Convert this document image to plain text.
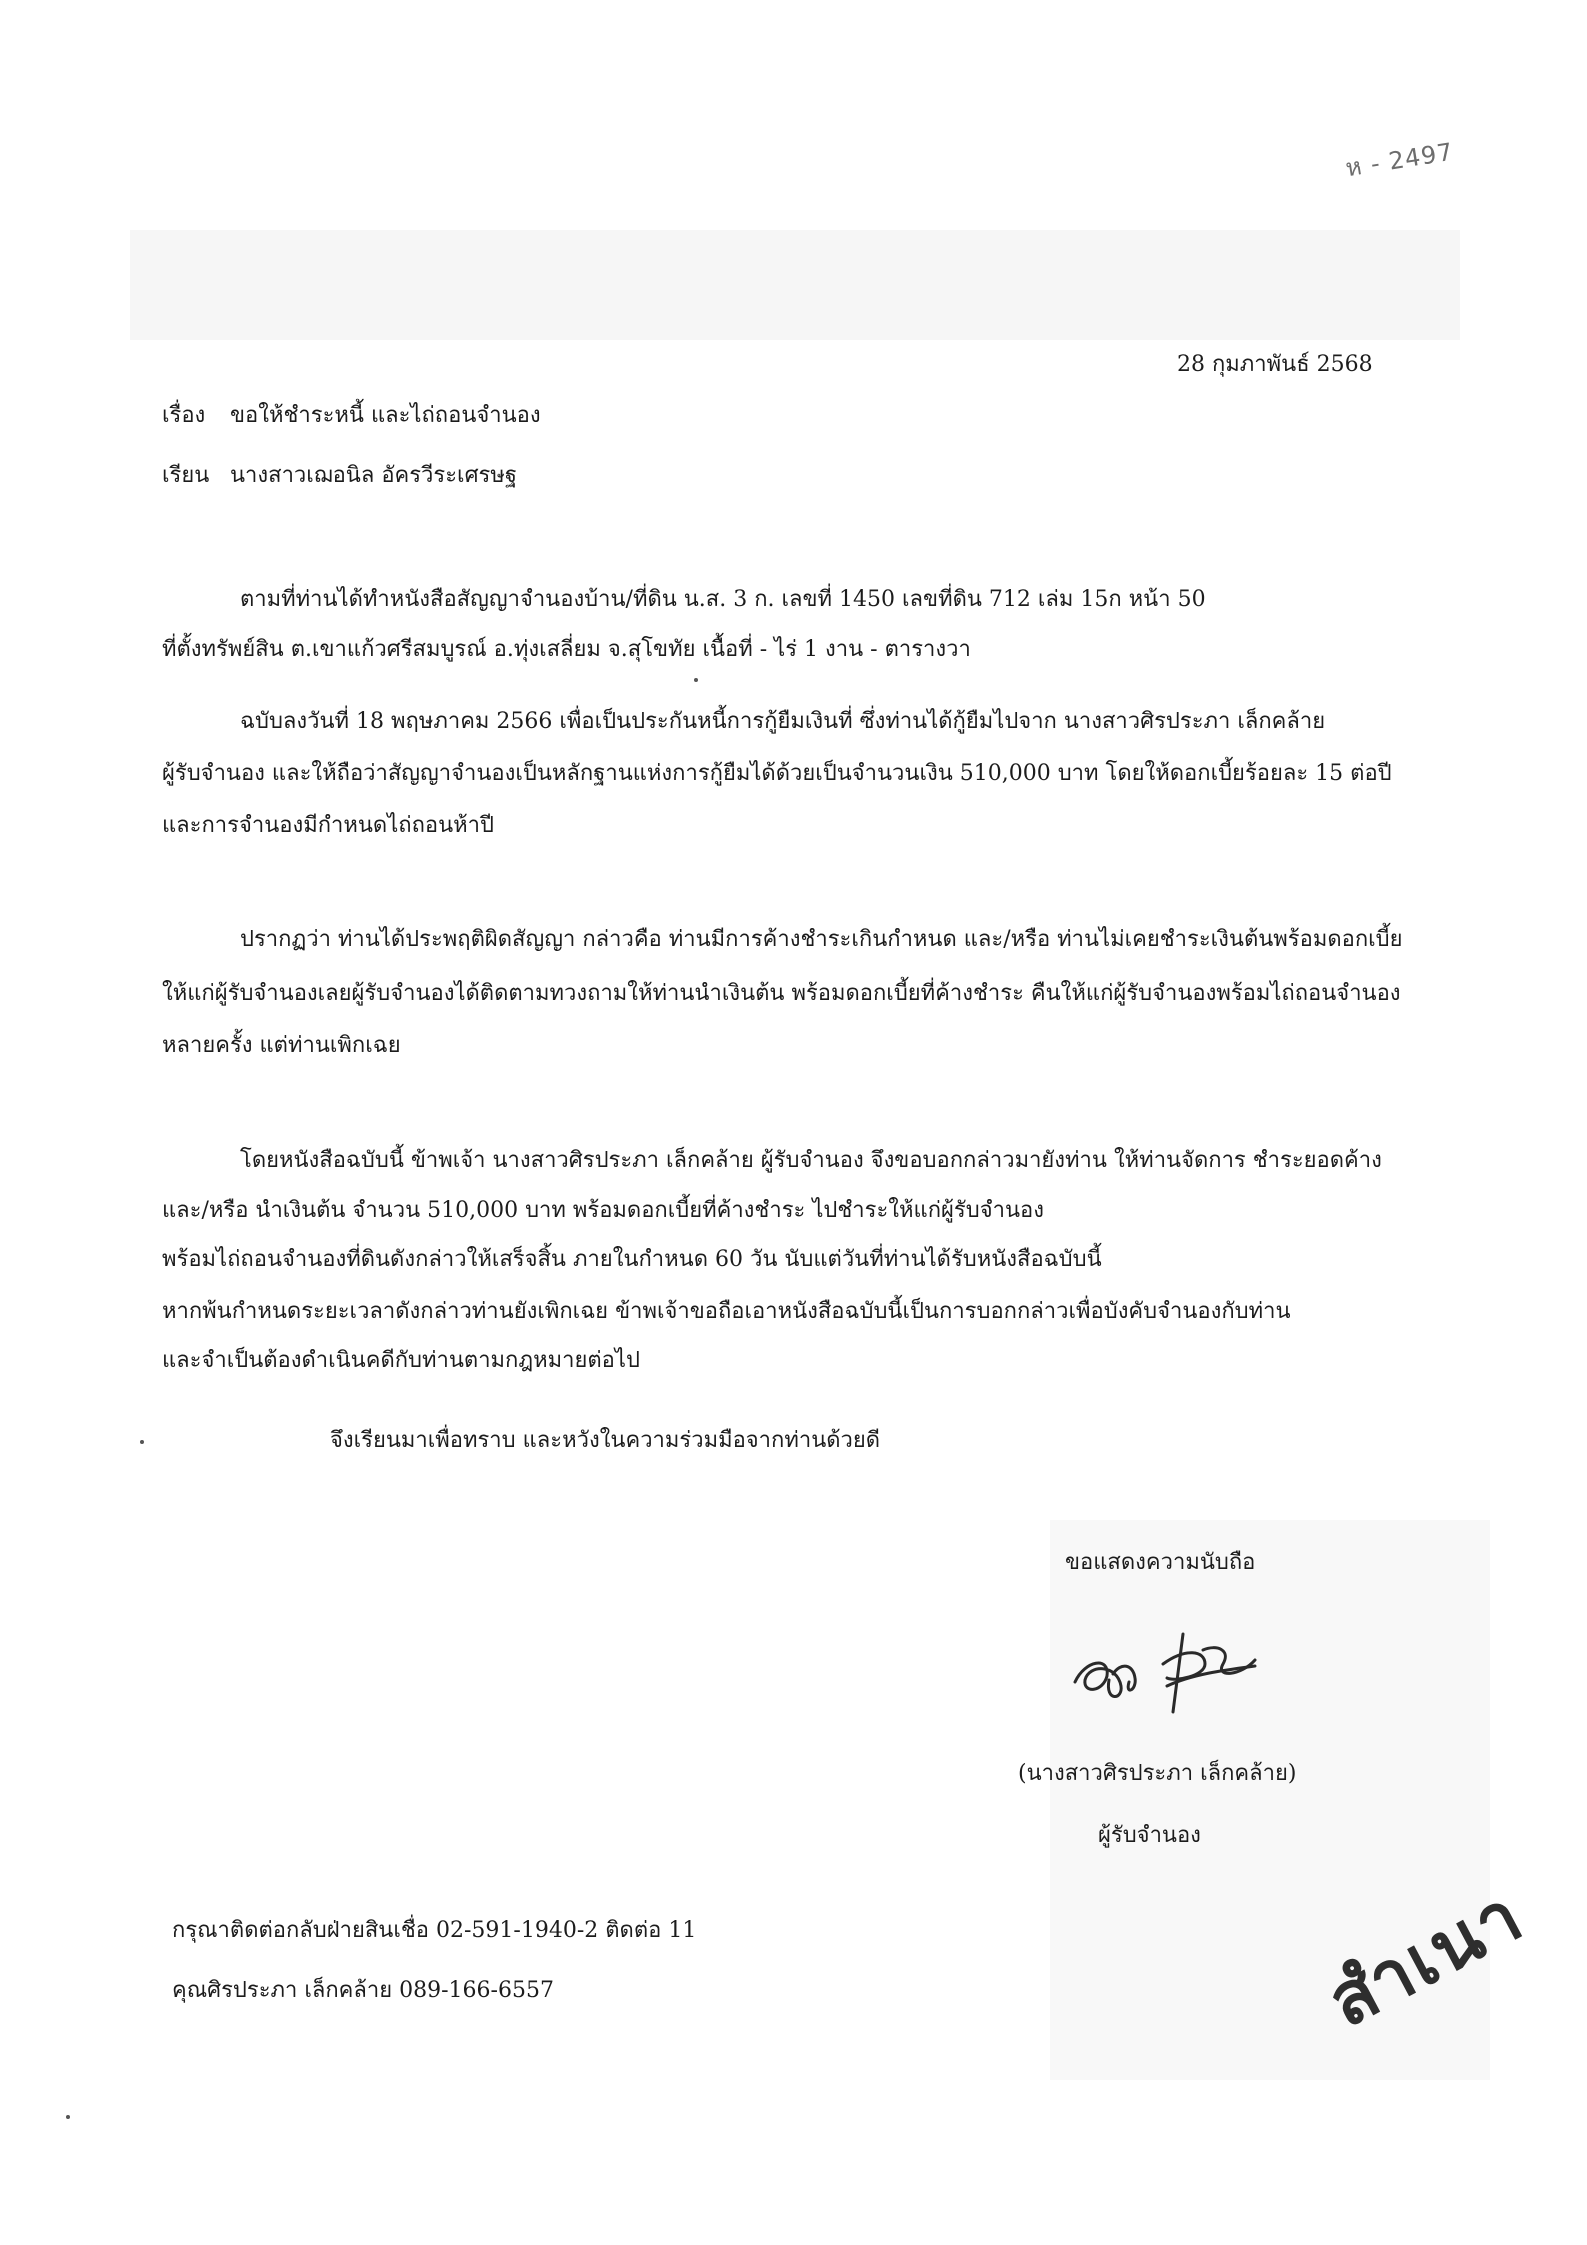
ห - 2497
28 กุมภาพันธ์ 2568
เรื่อง ขอให้ชำระหนี้ และไถ่ถอนจำนอง
เรียน นางสาวเฌอนิล อัครวีระเศรษฐ
ตามที่ท่านได้ทำหนังสือสัญญาจำนองบ้าน/ที่ดิน น.ส. 3 ก. เลขที่ 1450 เลขที่ดิน 712 เล่ม 15ก หน้า 50
ที่ตั้งทรัพย์สิน ต.เขาแก้วศรีสมบูรณ์ อ.ทุ่งเสลี่ยม จ.สุโขทัย เนื้อที่ - ไร่ 1 งาน - ตารางวา
ฉบับลงวันที่ 18 พฤษภาคม 2566 เพื่อเป็นประกันหนี้การกู้ยืมเงินที่ ซึ่งท่านได้กู้ยืมไปจาก นางสาวศิรประภา เล็กคล้าย
ผู้รับจำนอง และให้ถือว่าสัญญาจำนองเป็นหลักฐานแห่งการกู้ยืมได้ด้วยเป็นจำนวนเงิน 510,000 บาท โดยให้ดอกเบี้ยร้อยละ 15 ต่อปี
และการจำนองมีกำหนดไถ่ถอนห้าปี
ปรากฏว่า ท่านได้ประพฤติผิดสัญญา กล่าวคือ ท่านมีการค้างชำระเกินกำหนด และ/หรือ ท่านไม่เคยชำระเงินต้นพร้อมดอกเบี้ย
ให้แก่ผู้รับจำนองเลยผู้รับจำนองได้ติดตามทวงถามให้ท่านนำเงินต้น พร้อมดอกเบี้ยที่ค้างชำระ คืนให้แก่ผู้รับจำนองพร้อมไถ่ถอนจำนอง
หลายครั้ง แต่ท่านเพิกเฉย
โดยหนังสือฉบับนี้ ข้าพเจ้า นางสาวศิรประภา เล็กคล้าย ผู้รับจำนอง จึงขอบอกกล่าวมายังท่าน ให้ท่านจัดการ ชำระยอดค้าง
และ/หรือ นำเงินต้น จำนวน 510,000 บาท พร้อมดอกเบี้ยที่ค้างชำระ ไปชำระให้แก่ผู้รับจำนอง
พร้อมไถ่ถอนจำนองที่ดินดังกล่าวให้เสร็จสิ้น ภายในกำหนด 60 วัน นับแต่วันที่ท่านได้รับหนังสือฉบับนี้
หากพ้นกำหนดระยะเวลาดังกล่าวท่านยังเพิกเฉย ข้าพเจ้าขอถือเอาหนังสือฉบับนี้เป็นการบอกกล่าวเพื่อบังคับจำนองกับท่าน
และจำเป็นต้องดำเนินคดีกับท่านตามกฎหมายต่อไป
จึงเรียนมาเพื่อทราบ และหวังในความร่วมมือจากท่านด้วยดี
ขอแสดงความนับถือ
(นางสาวศิรประภา เล็กคล้าย)
ผู้รับจำนอง
กรุณาติดต่อกลับฝ่ายสินเชื่อ 02-591-1940-2 ติดต่อ 11
คุณศิรประภา เล็กคล้าย 089-166-6557	สำเนา
